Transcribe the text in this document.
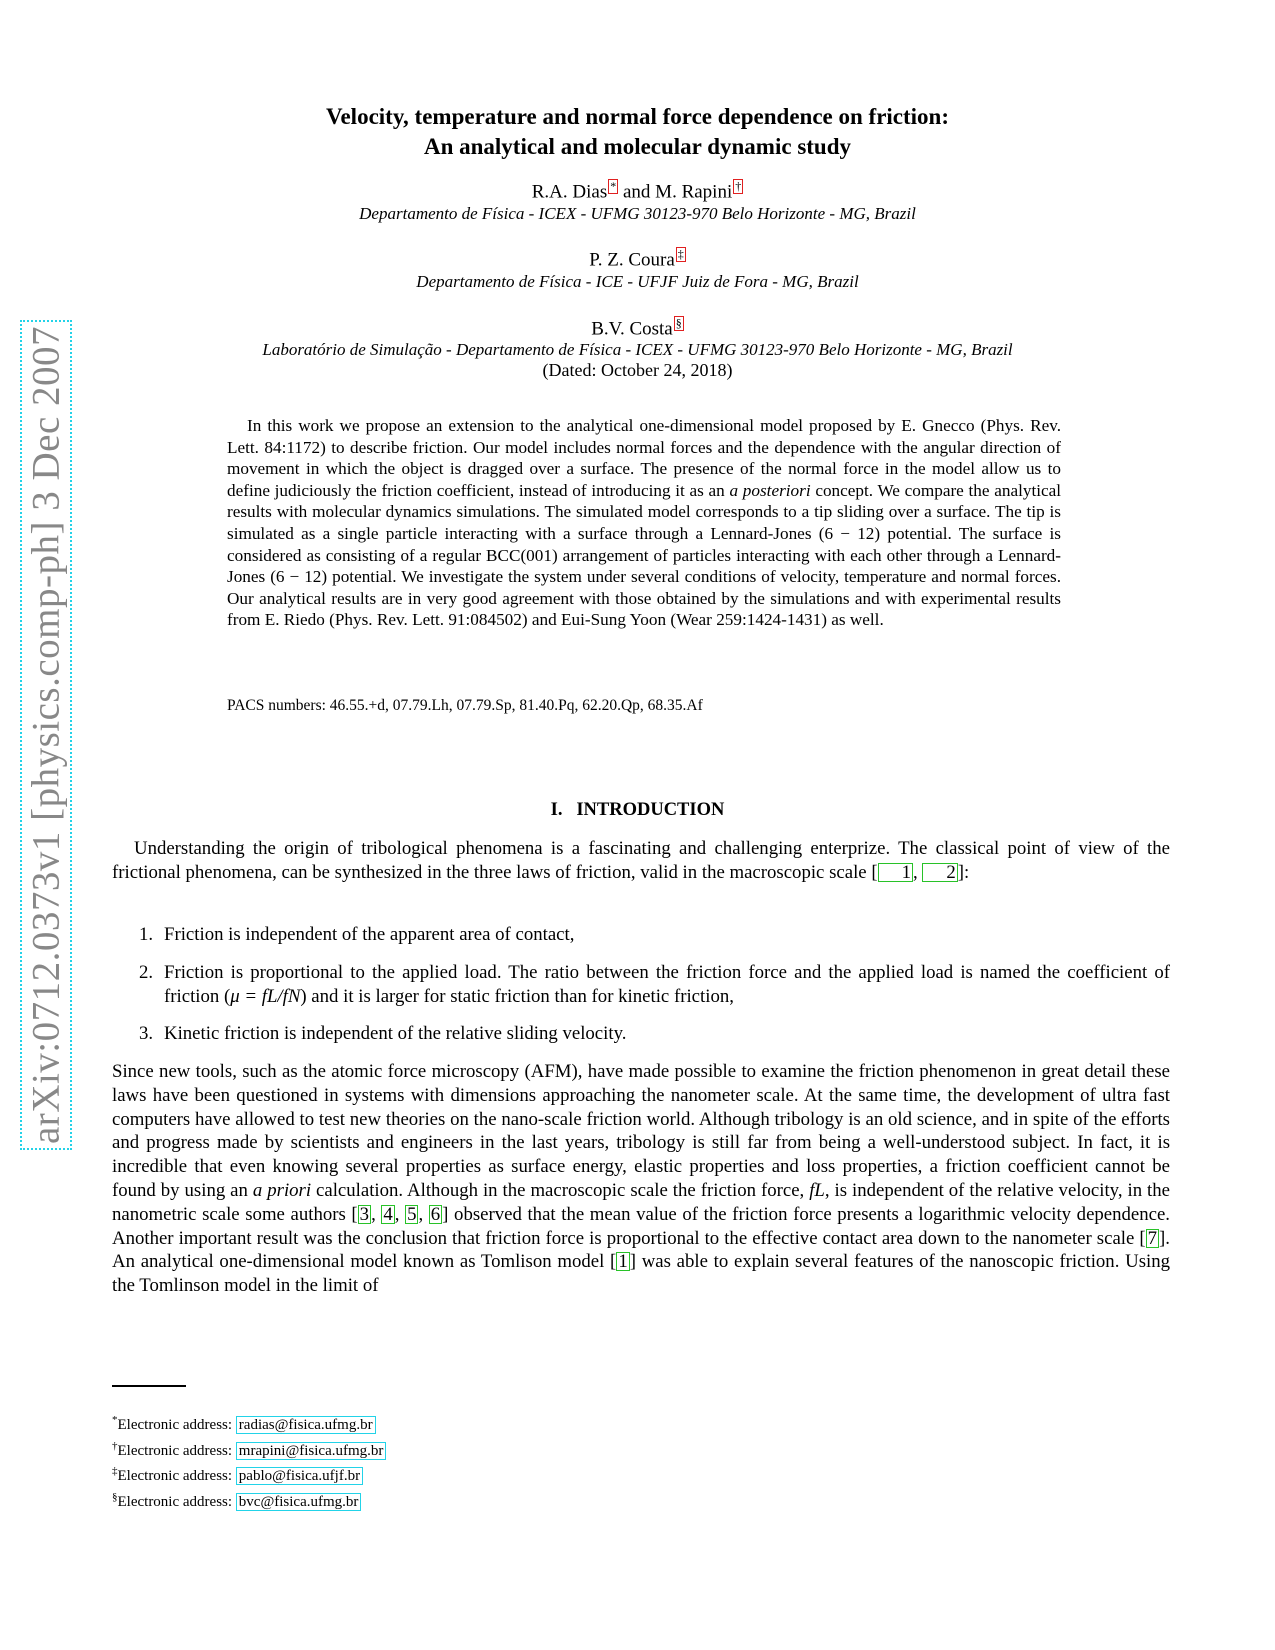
arXiv:0712.0373v1 [physics.comp-ph] 3 Dec 2007
Velocity, temperature and normal force dependence on friction:
An analytical and molecular dynamic study
R.A. Dias * and M. Rapini †
Departamento de Física - ICEX - UFMG 30123-970 Belo Horizonte - MG, Brazil
P. Z. Coura ‡
Departamento de Física - ICE - UFJF Juiz de Fora - MG, Brazil
B.V. Costa §
Laboratório de Simulação - Departamento de Física - ICEX - UFMG 30123-970 Belo Horizonte - MG, Brazil
(Dated: October 24, 2018)

In this work we propose an extension to the analytical one-dimensional model proposed by E. Gnecco (Phys. Rev. Lett. 84:1172) to describe friction. Our model includes normal forces and the dependence with the angular direction of movement in which the object is dragged over a surface. The presence of the normal force in the model allow us to define judiciously the friction coefficient, instead of introducing it as an a posteriori concept. We compare the analytical results with molecular dynamics simulations. The simulated model corresponds to a tip sliding over a surface. The tip is simulated as a single particle interacting with a surface through a Lennard-Jones (6 − 12) potential. The surface is considered as consisting of a regular BCC(001) arrangement of particles interacting with each other through a Lennard-Jones (6 − 12) potential. We investigate the system under several conditions of velocity, temperature and normal forces. Our analytical results are in very good agreement with those obtained by the simulations and with experimental results from E. Riedo (Phys. Rev. Lett. 91:084502) and Eui-Sung Yoon (Wear 259:1424-1431) as well.

PACS numbers: 46.55.+d, 07.79.Lh, 07.79.Sp, 81.40.Pq, 62.20.Qp, 68.35.Af
I. INTRODUCTION

Understanding the origin of tribological phenomena is a fascinating and challenging enterprize. The classical point of view of the frictional phenomena, can be synthesized in the three laws of friction, valid in the macroscopic scale [ 1 , 2 ]:

1. Friction is independent of the apparent area of contact,
2. Friction is proportional to the applied load. The ratio between the friction force and the applied load is named the coefficient of friction (μ = fL/fN) and it is larger for static friction than for kinetic friction,
3. Kinetic friction is independent of the relative sliding velocity.

Since new tools, such as the atomic force microscopy (AFM), have made possible to examine the friction phenomenon in great detail these laws have been questioned in systems with dimensions approaching the nanometer scale. At the same time, the development of ultra fast computers have allowed to test new theories on the nano-scale friction world. Although tribology is an old science, and in spite of the efforts and progress made by scientists and engineers in the last years, tribology is still far from being a well-understood subject. In fact, it is incredible that even knowing several properties as surface energy, elastic properties and loss properties, a friction coefficient cannot be found by using an a priori calculation. Although in the macroscopic scale the friction force, fL, is independent of the relative velocity, in the nanometric scale some authors [ 3 , 4 , 5 , 6 ] observed that the mean value of the friction force presents a logarithmic velocity dependence. Another important result was the conclusion that friction force is proportional to the effective contact area down to the nanometer scale [ 7 ]. An analytical one-dimensional model known as Tomlison model [ 1 ] was able to explain several features of the nanoscopic friction. Using the Tomlinson model in the limit of

*Electronic address: radias@fisica.ufmg.br
†Electronic address: mrapini@fisica.ufmg.br
‡Electronic address: pablo@fisica.ufjf.br
§Electronic address: bvc@fisica.ufmg.br
